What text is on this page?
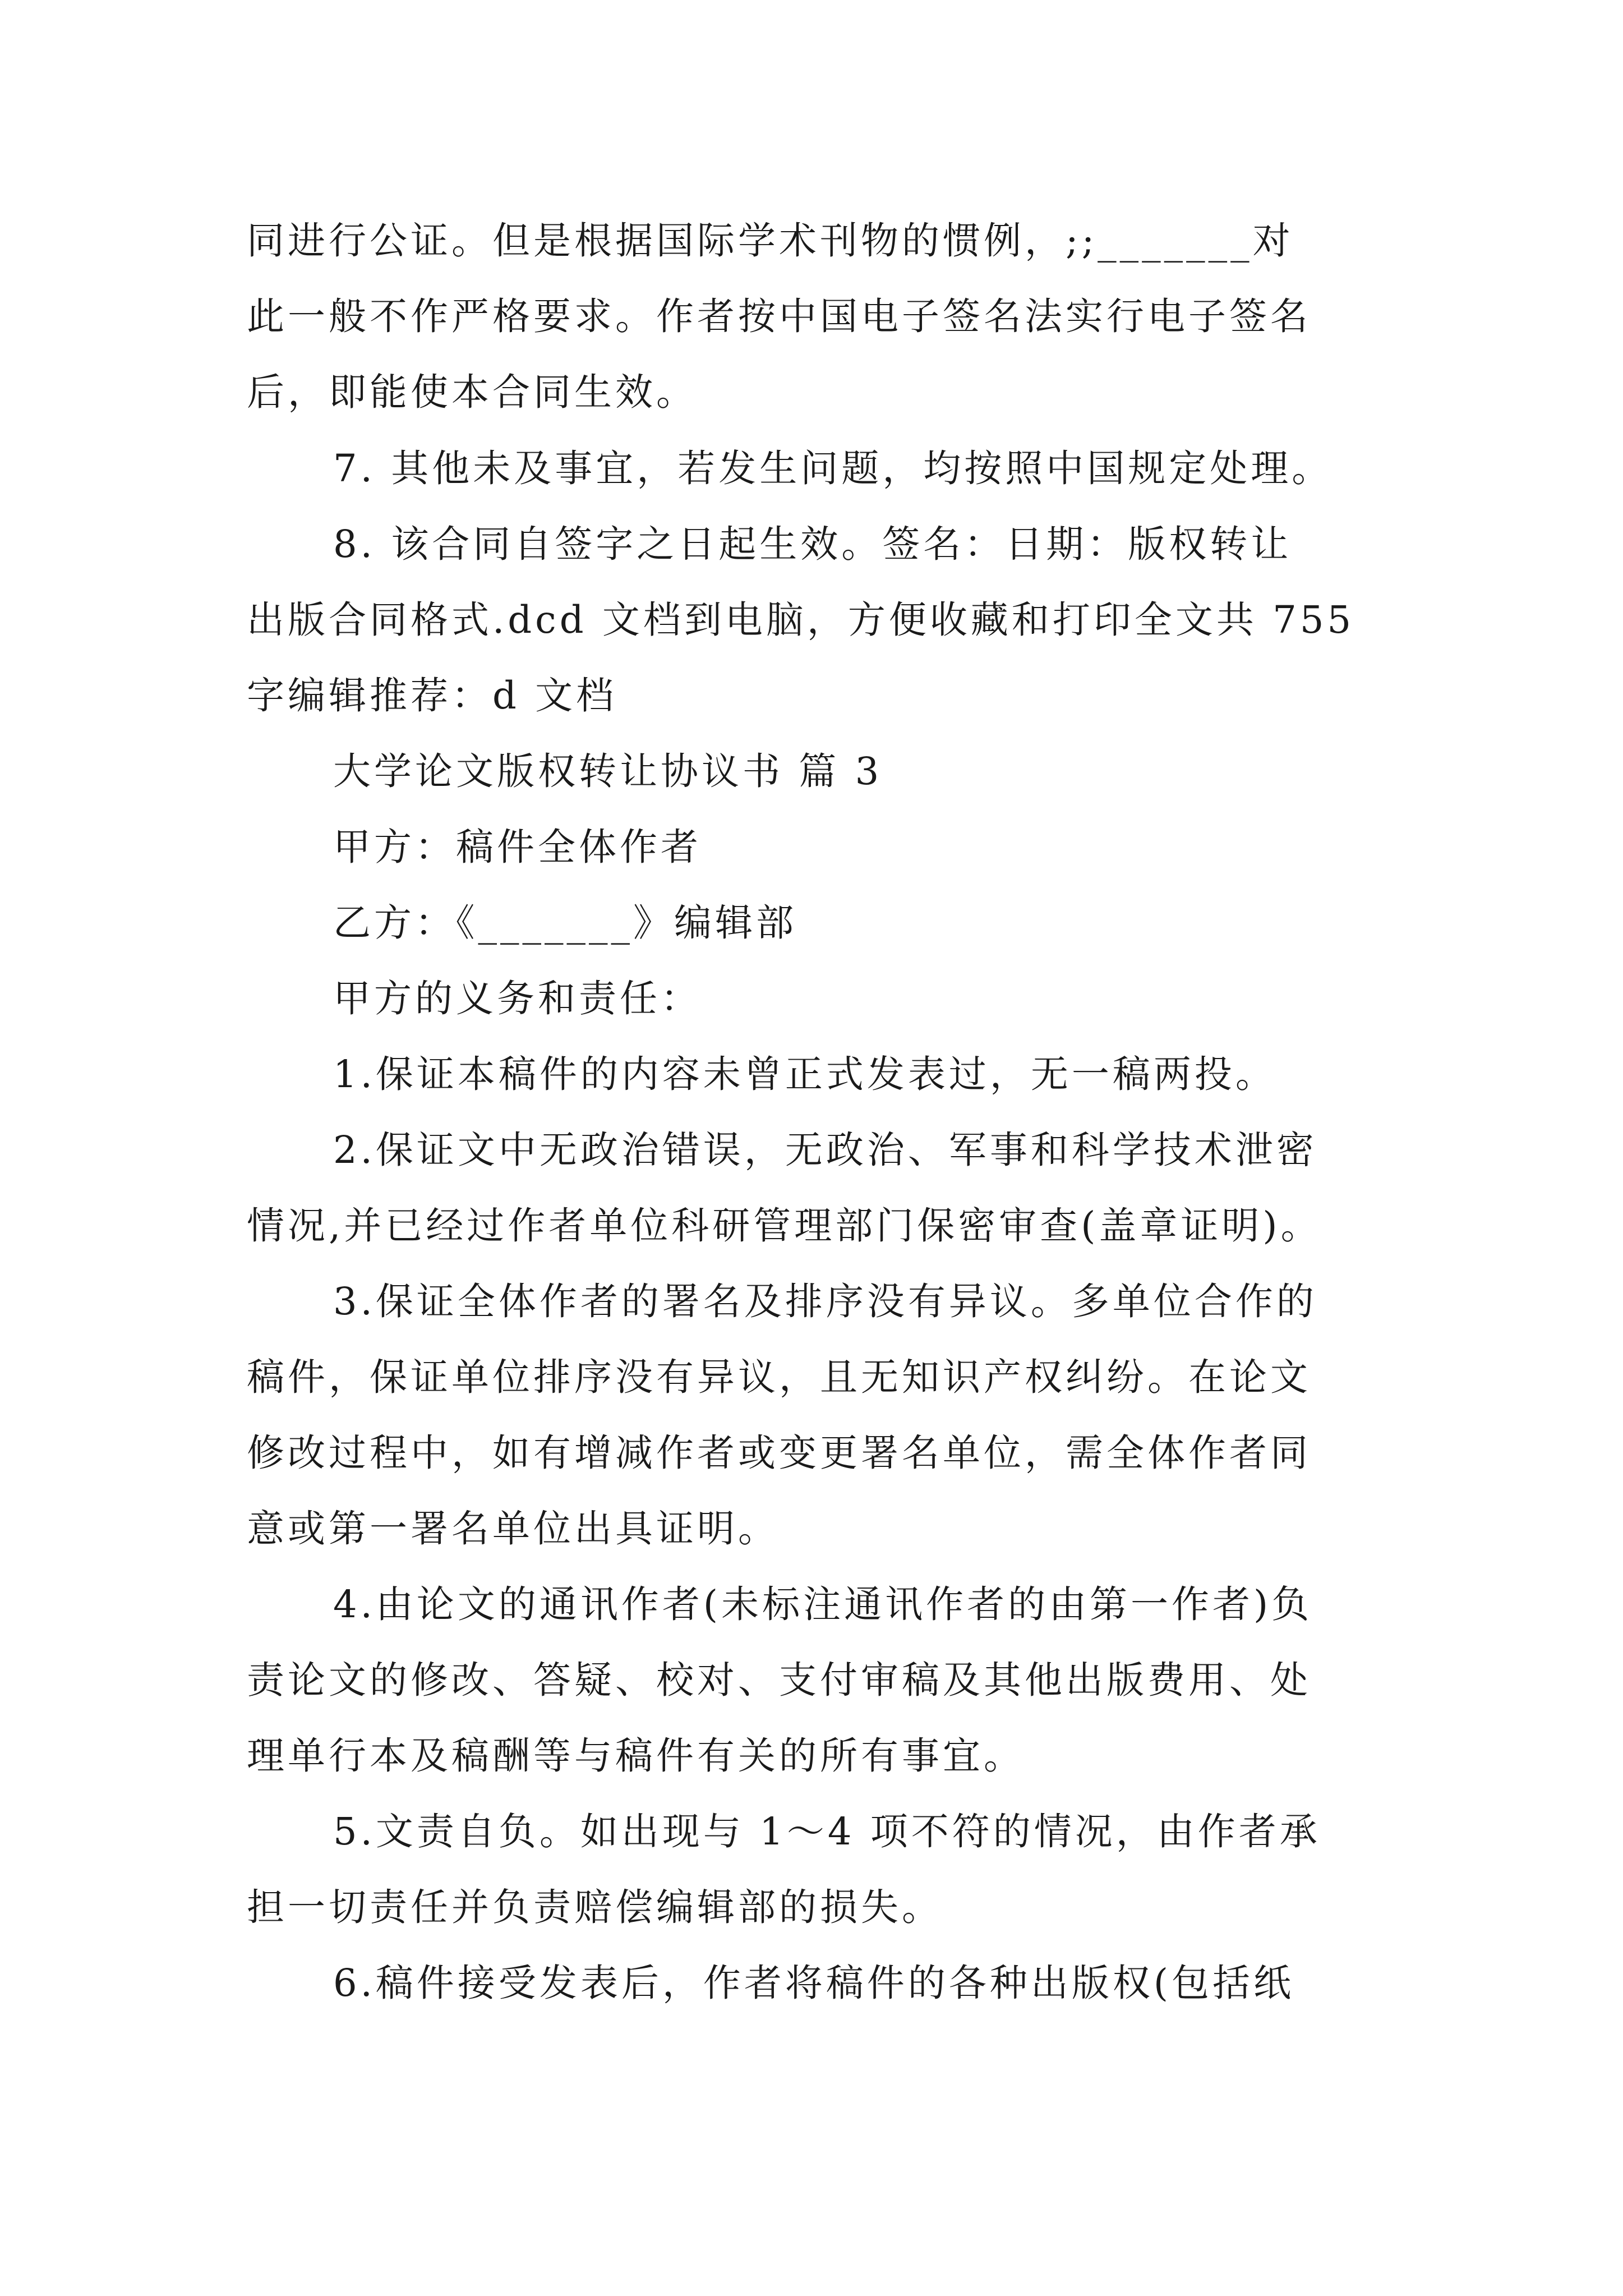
同进行公证。但是根据国际学术刊物的惯例，;;_______对
此一般不作严格要求。作者按中国电子签名法实行电子签名
后，即能使本合同生效。
7. 其他未及事宜，若发生问题，均按照中国规定处理。
8. 该合同自签字之日起生效。签名：日期：版权转让
出版合同格式.dcd 文档到电脑，方便收藏和打印全文共 755
字编辑推荐：d 文档
大学论文版权转让协议书 篇 3
甲方：稿件全体作者
乙方：《_______》编辑部
甲方的义务和责任：
1.保证本稿件的内容未曾正式发表过，无一稿两投。
2.保证文中无政治错误，无政治、军事和科学技术泄密
情况,并已经过作者单位科研管理部门保密审查(盖章证明)。
3.保证全体作者的署名及排序没有异议。多单位合作的
稿件，保证单位排序没有异议，且无知识产权纠纷。在论文
修改过程中，如有增减作者或变更署名单位，需全体作者同
意或第一署名单位出具证明。
4.由论文的通讯作者(未标注通讯作者的由第一作者)负
责论文的修改、答疑、校对、支付审稿及其他出版费用、处
理单行本及稿酬等与稿件有关的所有事宜。
5.文责自负。如出现与 1～4 项不符的情况，由作者承
担一切责任并负责赔偿编辑部的损失。
6.稿件接受发表后，作者将稿件的各种出版权(包括纸
